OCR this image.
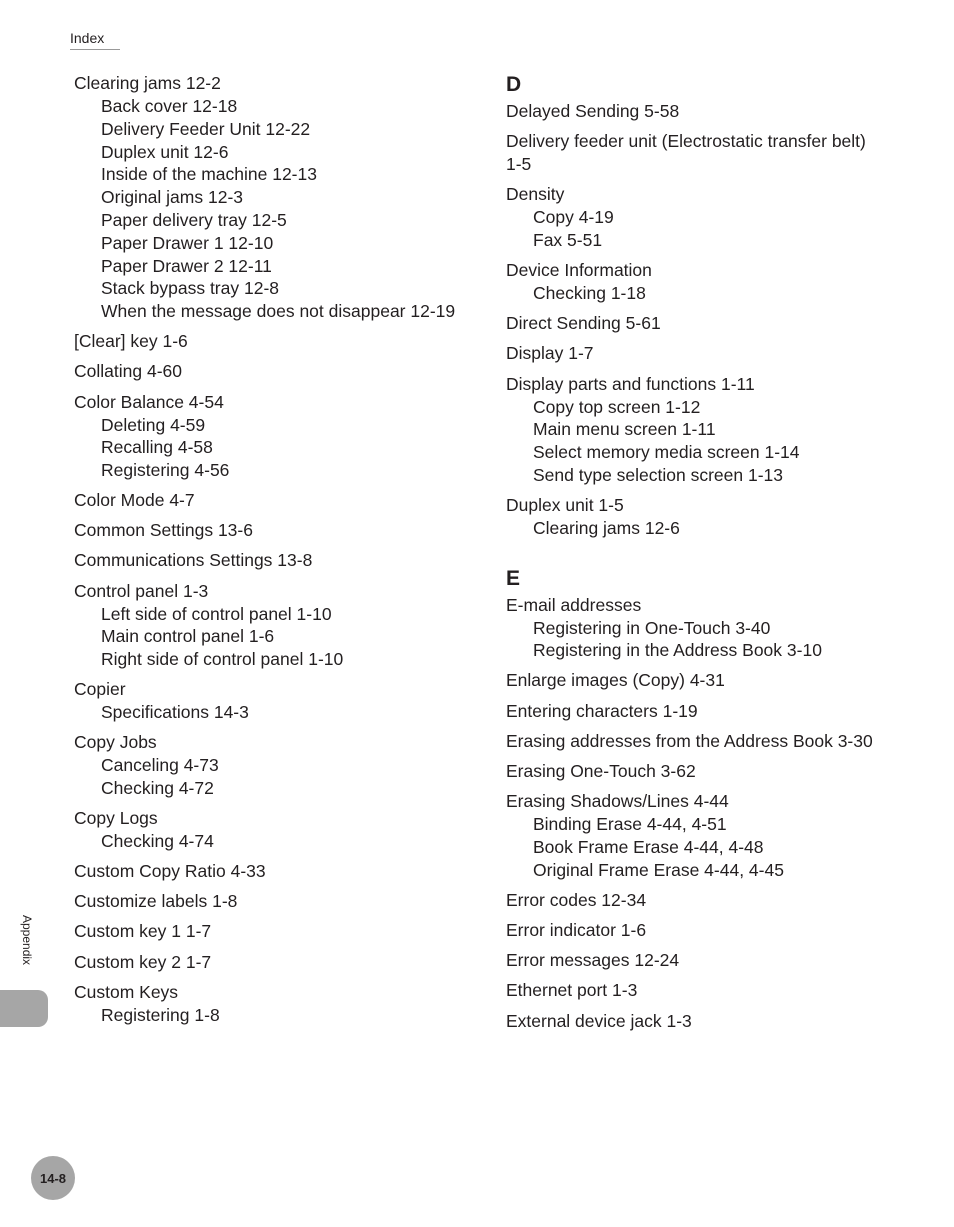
Index
Clearing jams 12-2
Back cover 12-18
Delivery Feeder Unit 12-22
Duplex unit 12-6
Inside of the machine 12-13
Original jams 12-3
Paper delivery tray 12-5
Paper Drawer 1 12-10
Paper Drawer 2 12-11
Stack bypass tray 12-8
When the message does not disappear 12-19
[Clear] key 1-6
Collating 4-60
Color Balance 4-54
Deleting 4-59
Recalling 4-58
Registering 4-56
Color Mode 4-7
Common Settings 13-6
Communications Settings 13-8
Control panel 1-3
Left side of control panel 1-10
Main control panel 1-6
Right side of control panel 1-10
Copier
Specifications 14-3
Copy Jobs
Canceling 4-73
Checking 4-72
Copy Logs
Checking 4-74
Custom Copy Ratio 4-33
Customize labels 1-8
Custom key 1 1-7
Custom key 2 1-7
Custom Keys
Registering 1-8
D
Delayed Sending 5-58
Delivery feeder unit (Electrostatic transfer belt)
1-5
Density
Copy 4-19
Fax 5-51
Device Information
Checking 1-18
Direct Sending 5-61
Display 1-7
Display parts and functions 1-11
Copy top screen 1-12
Main menu screen 1-11
Select memory media screen 1-14
Send type selection screen 1-13
Duplex unit 1-5
Clearing jams 12-6
E
E-mail addresses
Registering in One-Touch 3-40
Registering in the Address Book 3-10
Enlarge images (Copy) 4-31
Entering characters 1-19
Erasing addresses from the Address Book 3-30
Erasing One-Touch 3-62
Erasing Shadows/Lines 4-44
Binding Erase 4-44, 4-51
Book Frame Erase 4-44, 4-48
Original Frame Erase 4-44, 4-45
Error codes 12-34
Error indicator 1-6
Error messages 12-24
Ethernet port 1-3
External device jack 1-3
Appendix
14-8
